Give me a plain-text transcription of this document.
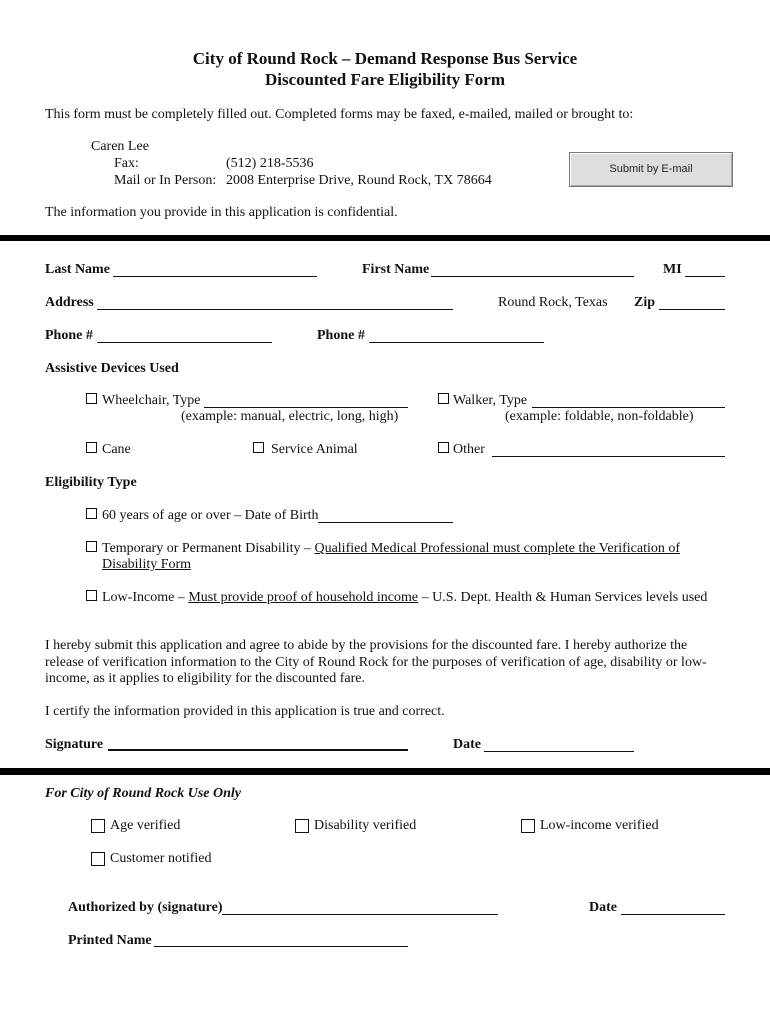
City of Round Rock – Demand Response Bus Service
Discounted Fare Eligibility Form
This form must be completely filled out. Completed forms may be faxed, e-mailed, mailed or brought to:
Caren Lee
Fax:	(512) 218-5536
Mail or In Person: 2008 Enterprise Drive, Round Rock, TX 78664
Submit by E-mail
The information you provide in this application is confidential.
Last Name	First Name	MI
Address	Round Rock, Texas Zip
Phone #	Phone #
Assistive Devices Used
Wheelchair, Type
(example: manual, electric, long, high)
Walker, Type
(example: foldable, non-foldable)
Cane	Service Animal	Other
Eligibility Type
60 years of age or over – Date of Birth
Temporary or Permanent Disability – Qualified Medical Professional must complete the Verification of
Disability Form
Low-Income – Must provide proof of household income – U.S. Dept. Health & Human Services levels used
I hereby submit this application and agree to abide by the provisions for the discounted fare. I hereby authorize the
release of verification information to the City of Round Rock for the purposes of verification of age, disability or low-
income, as it applies to eligibility for the discounted fare.
I certify the information provided in this application is true and correct.
Signature	Date
For City of Round Rock Use Only
Age verified	Disability verified	Low-income verified
Customer notified
Authorized by (signature)	Date
Printed Name
